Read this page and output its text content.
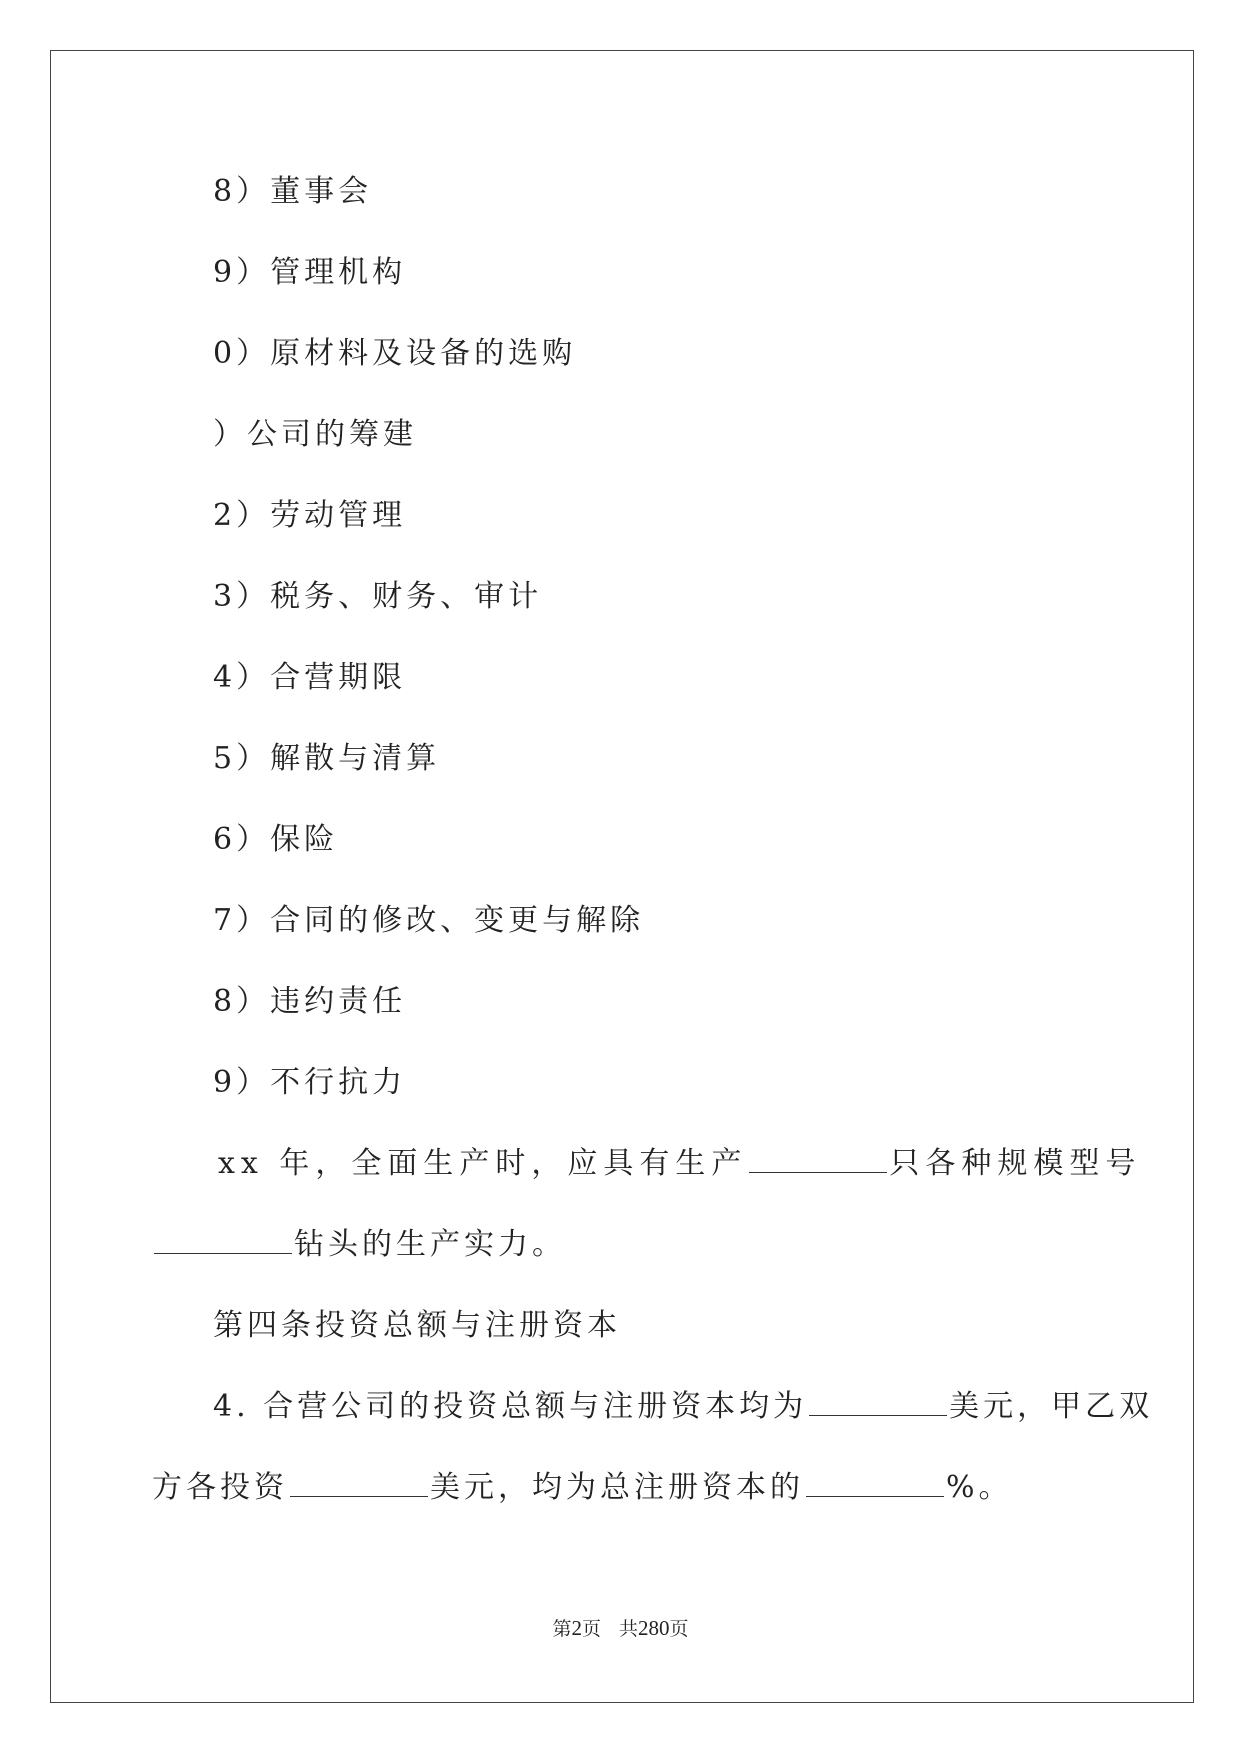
8）董事会
9）管理机构
0）原材料及设备的选购
）公司的筹建
2）劳动管理
3）税务、财务、审计
4）合营期限
5）解散与清算
6）保险
7）合同的修改、变更与解除
8）违约责任
9）不行抗力
xx 年，全面生产时，应具有生产	只各种规模型号
钻头的生产实力。
第四条投资总额与注册资本
4. 合营公司的投资总额与注册资本均为	美元，甲乙双
方各投资	美元，均为总注册资本的	%。
第2页 共280页
